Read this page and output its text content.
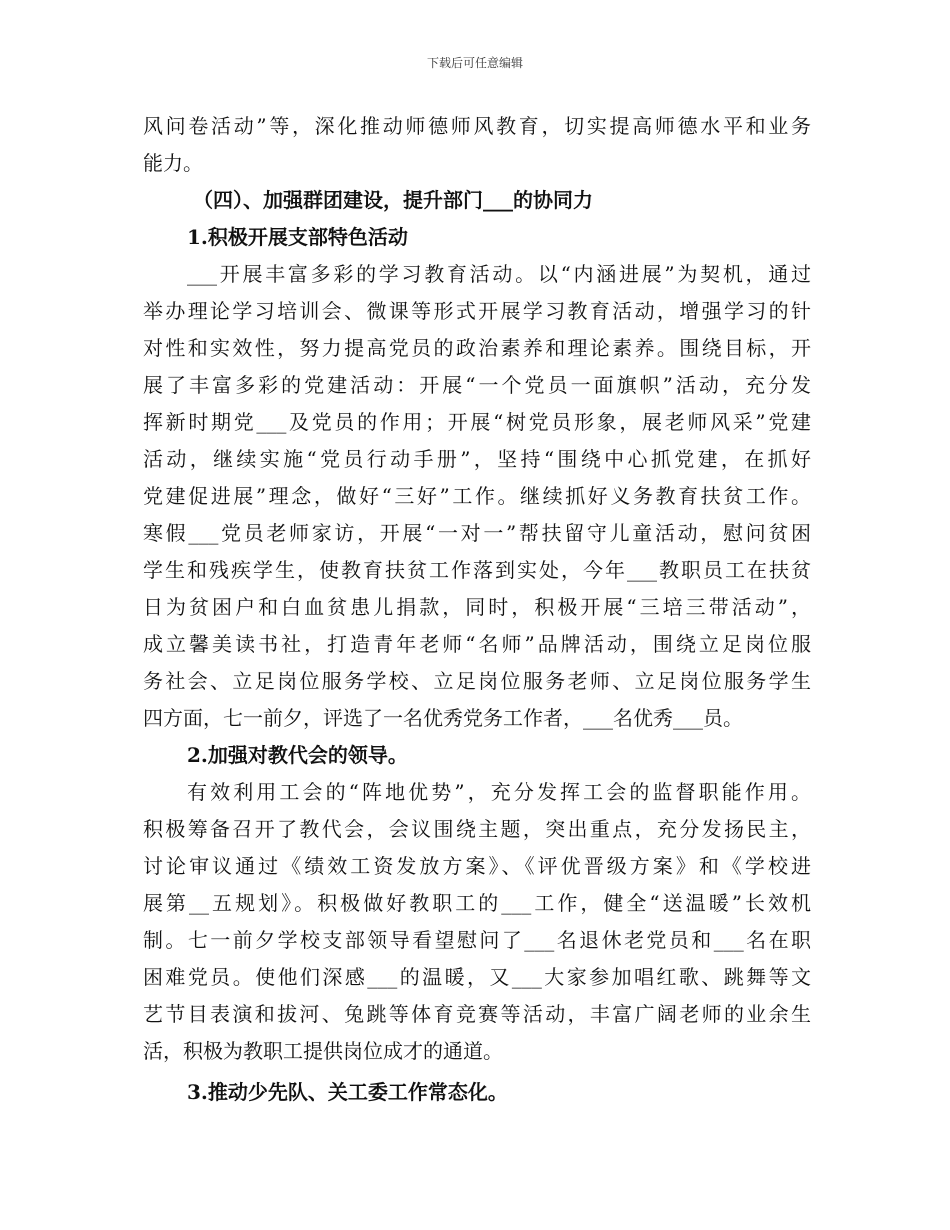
下载后可任意编辑
风问卷活动”等，深化推动师德师风教育，切实提高师德水平和业务
能力。
（四）、加强群团建设，提升部门___的协同力
1.积极开展支部特色活动
___开展丰富多彩的学习教育活动。以“内涵进展”为契机，通过
举办理论学习培训会、微课等形式开展学习教育活动，增强学习的针
对性和实效性，努力提高党员的政治素养和理论素养。围绕目标，开
展了丰富多彩的党建活动：开展“一个党员一面旗帜”活动，充分发
挥新时期党___及党员的作用；开展“树党员形象，展老师风采”党建
活动，继续实施“党员行动手册”，坚持“围绕中心抓党建，在抓好
党建促进展”理念，做好“三好”工作。继续抓好义务教育扶贫工作。
寒假___党员老师家访，开展“一对一”帮扶留守儿童活动，慰问贫困
学生和残疾学生，使教育扶贫工作落到实处，今年___教职员工在扶贫
日为贫困户和白血贫患儿捐款，同时，积极开展“三培三带活动”，
成立馨美读书社，打造青年老师“名师”品牌活动，围绕立足岗位服
务社会、立足岗位服务学校、立足岗位服务老师、立足岗位服务学生
四方面，七一前夕，评选了一名优秀党务工作者，___名优秀___员。
2.加强对教代会的领导。
有效利用工会的“阵地优势”，充分发挥工会的监督职能作用。
积极筹备召开了教代会，会议围绕主题，突出重点，充分发扬民主，
讨论审议通过《绩效工资发放方案》、《评优晋级方案》和《学校进
展第__五规划》。积极做好教职工的___工作，健全“送温暖”长效机
制。七一前夕学校支部领导看望慰问了___名退休老党员和___名在职
困难党员。使他们深感___的温暖，又___大家参加唱红歌、跳舞等文
艺节目表演和拔河、兔跳等体育竞赛等活动，丰富广阔老师的业余生
活，积极为教职工提供岗位成才的通道。
3.推动少先队、关工委工作常态化。
